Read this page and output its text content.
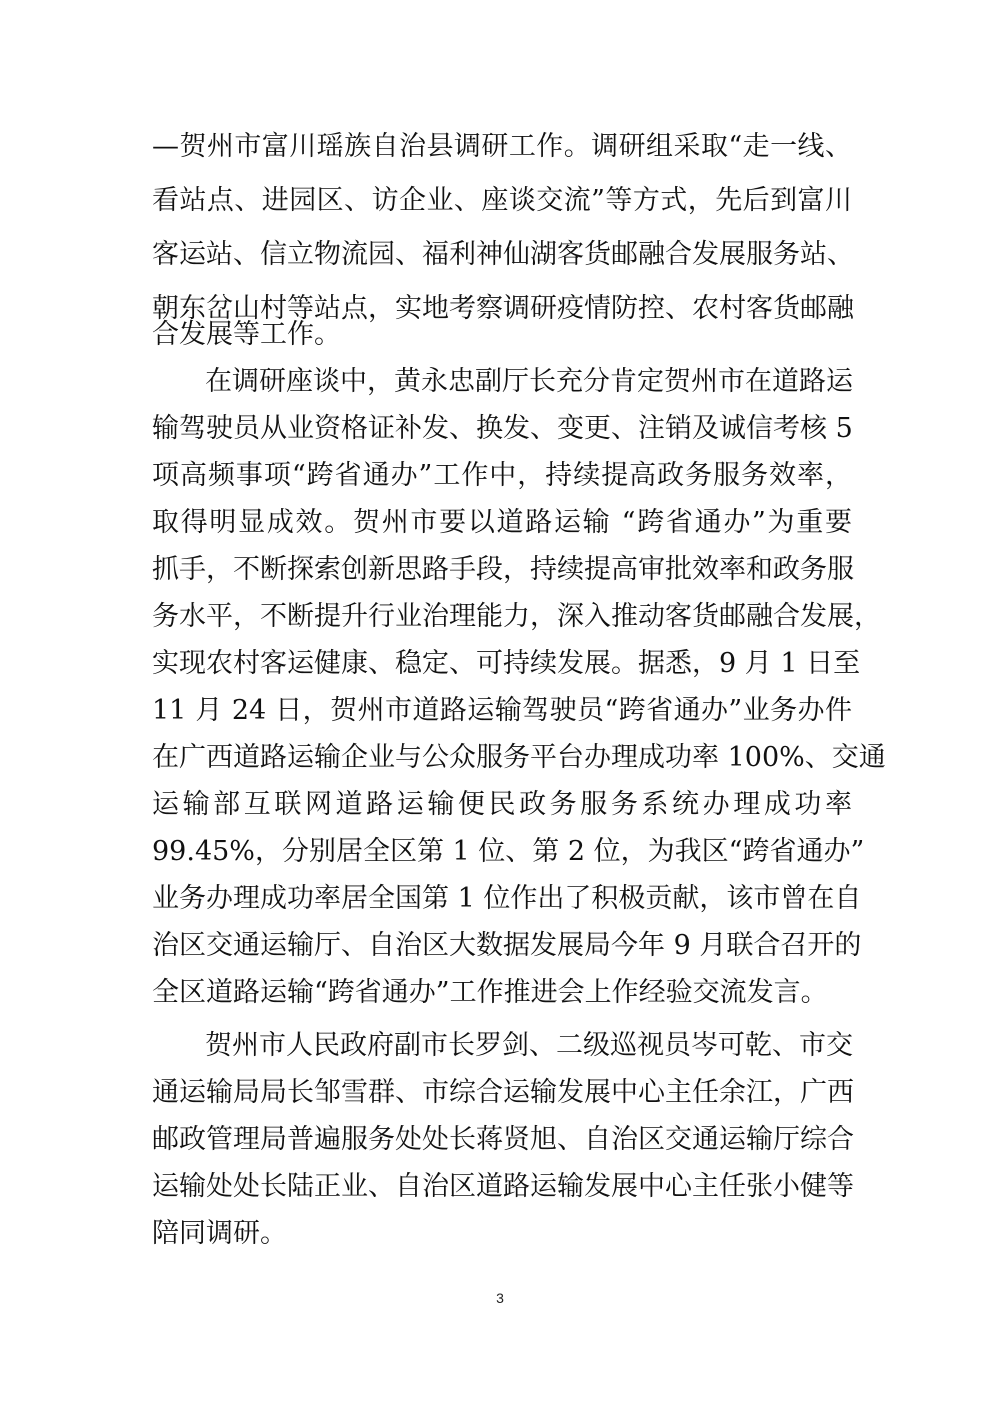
—贺州市富川瑶族自治县调研工作。调研组采取“走一线、
看站点、进园区、访企业、座谈交流”等方式，先后到富川
客运站、信立物流园、福利神仙湖客货邮融合发展服务站、
朝东岔山村等站点，实地考察调研疫情防控、农村客货邮融
合发展等工作。
在调研座谈中，黄永忠副厅长充分肯定贺州市在道路运
输驾驶员从业资格证补发、换发、变更、注销及诚信考核 5
项高频事项“跨省通办”工作中，持续提高政务服务效率，
取得明显成效。贺州市要以道路运输 “跨省通办”为重要
抓手，不断探索创新思路手段，持续提高审批效率和政务服
务水平，不断提升行业治理能力，深入推动客货邮融合发展，
实现农村客运健康、稳定、可持续发展。据悉，9 月 1 日至
11 月 24 日，贺州市道路运输驾驶员“跨省通办”业务办件
在广西道路运输企业与公众服务平台办理成功率 100%、交通
运输部互联网道路运输便民政务服务系统办理成功率
99.45%，分别居全区第 1 位、第 2 位，为我区“跨省通办”
业务办理成功率居全国第 1 位作出了积极贡献，该市曾在自
治区交通运输厅、自治区大数据发展局今年 9 月联合召开的
全区道路运输“跨省通办”工作推进会上作经验交流发言。
贺州市人民政府副市长罗剑、二级巡视员岑可乾、市交
通运输局局长邹雪群、市综合运输发展中心主任余江，广西
邮政管理局普遍服务处处长蒋贤旭、自治区交通运输厅综合
运输处处长陆正业、自治区道路运输发展中心主任张小健等
陪同调研。
3
